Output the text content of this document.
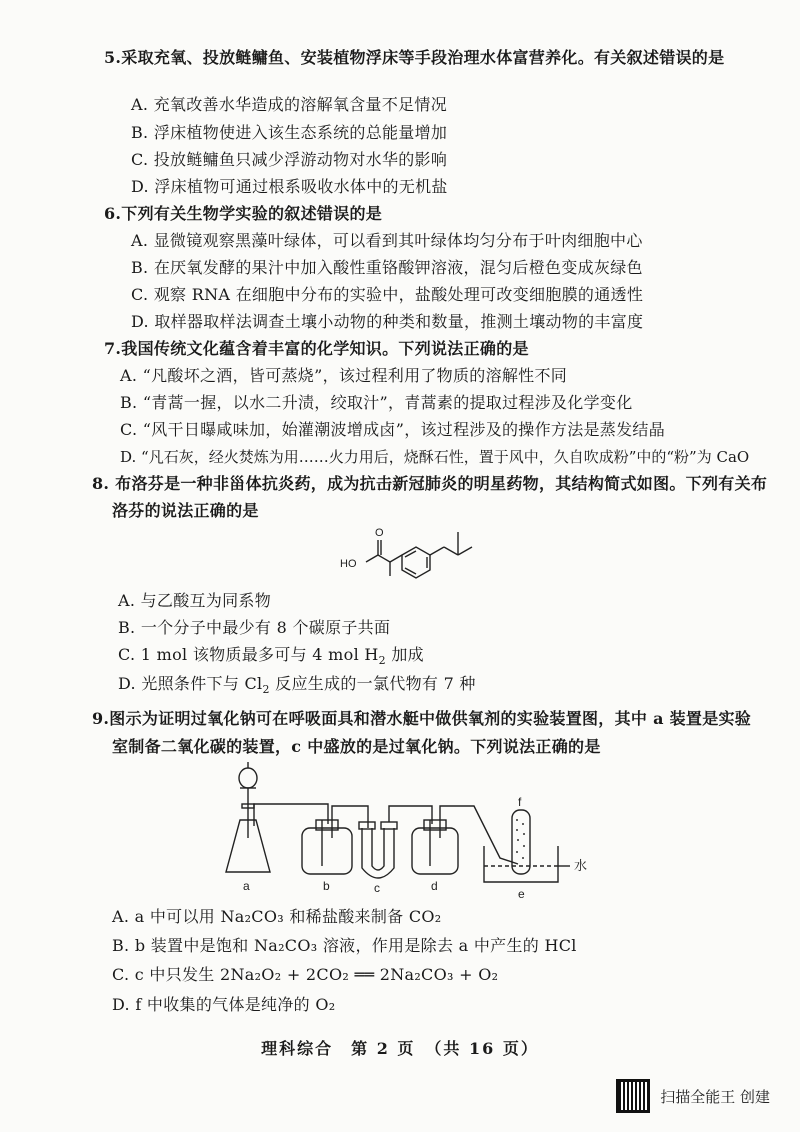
5.采取充氧、投放鲢鳙鱼、安装植物浮床等手段治理水体富营养化。有关叙述错误的是
A. 充氧改善水华造成的溶解氧含量不足情况
B. 浮床植物使进入该生态系统的总能量增加
C. 投放鲢鳙鱼只减少浮游动物对水华的影响
D. 浮床植物可通过根系吸收水体中的无机盐
6.下列有关生物学实验的叙述错误的是
A. 显微镜观察黑藻叶绿体，可以看到其叶绿体均匀分布于叶肉细胞中心
B. 在厌氧发酵的果汁中加入酸性重铬酸钾溶液，混匀后橙色变成灰绿色
C. 观察 RNA 在细胞中分布的实验中，盐酸处理可改变细胞膜的通透性
D. 取样器取样法调查土壤小动物的种类和数量，推测土壤动物的丰富度
7.我国传统文化蕴含着丰富的化学知识。下列说法正确的是
A. “凡酸坏之酒，皆可蒸烧”，该过程利用了物质的溶解性不同
B. “青蒿一握，以水二升渍，绞取汁”，青蒿素的提取过程涉及化学变化
C. “风干日曝咸味加，始灌潮波增成卤”，该过程涉及的操作方法是蒸发结晶
D. “凡石灰，经火焚炼为用……火力用后，烧酥石性，置于风中，久自吹成粉”中的“粉”为 CaO
8. 布洛芬是一种非甾体抗炎药，成为抗击新冠肺炎的明星药物，其结构简式如图。下列有关布
洛芬的说法正确的是
HO
O
A. 与乙酸互为同系物
B. 一个分子中最少有 8 个碳原子共面
C. 1 mol 该物质最多可与 4 mol $H_2$ 加成
D. 光照条件下与 $Cl_2$ 反应生成的一氯代物有 7 种
9.图示为证明过氧化钠可在呼吸面具和潜水艇中做供氧剂的实验装置图，其中 a 装置是实验
室制备二氧化碳的装置，c 中盛放的是过氧化钠。下列说法正确的是
a	b	c	d
e
f
水
A. a 中可以用 Na₂CO₃ 和稀盐酸来制备 CO₂
B. b 装置中是饱和 Na₂CO₃ 溶液，作用是除去 a 中产生的 HCl
C. c 中只发生 2Na₂O₂ + 2CO₂ ══ 2Na₂CO₃ + O₂
D. f 中收集的气体是纯净的 O₂
理科综合　第 2 页　（共 16 页）
扫描全能王 创建
